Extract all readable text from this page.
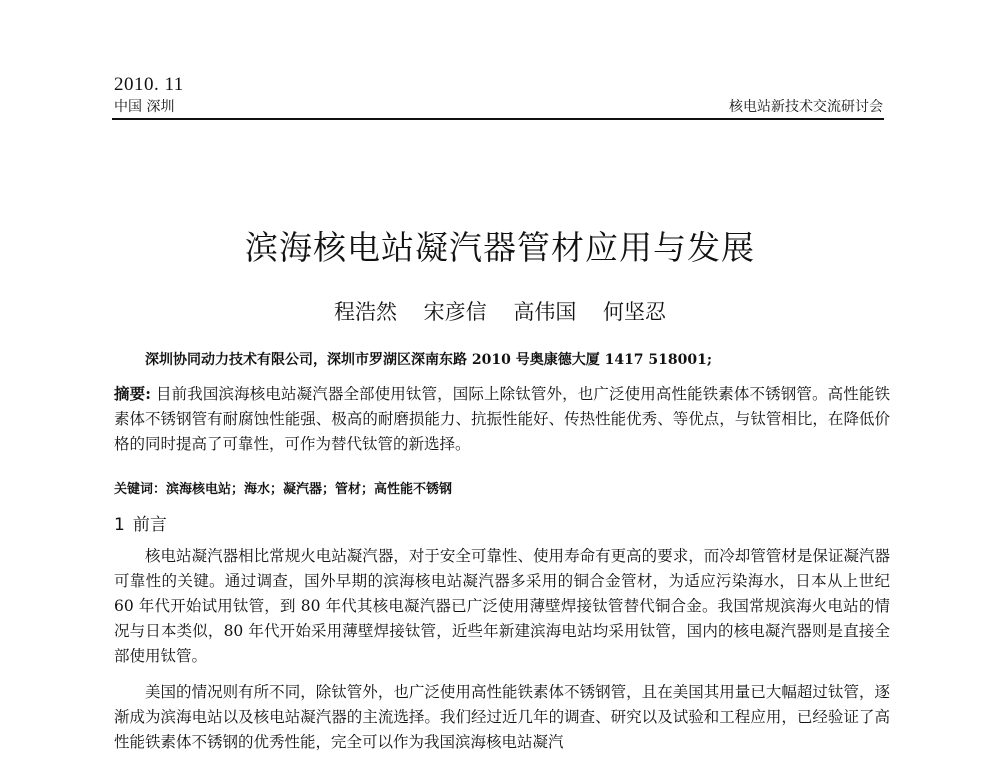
2010. 11
中国 深圳	核电站新技术交流研讨会
滨海核电站凝汽器管材应用与发展
程浩然 宋彦信 高伟国 何坚忍
深圳协同动力技术有限公司，深圳市罗湖区深南东路 2010 号奥康德大厦 1417 518001;
摘要: 目前我国滨海核电站凝汽器全部使用钛管，国际上除钛管外，也广泛使用高性能铁素体不锈钢管。高性能铁素体不锈钢管有耐腐蚀性能强、极高的耐磨损能力、抗振性能好、传热性能优秀、等优点，与钛管相比，在降低价格的同时提高了可靠性，可作为替代钛管的新选择。
关键词：滨海核电站；海水；凝汽器；管材；高性能不锈钢
1 前言
核电站凝汽器相比常规火电站凝汽器，对于安全可靠性、使用寿命有更高的要求，而冷却管管材是保证凝汽器可靠性的关键。通过调查，国外早期的滨海核电站凝汽器多采用的铜合金管材，为适应污染海水，日本从上世纪 60 年代开始试用钛管，到 80 年代其核电凝汽器已广泛使用薄壁焊接钛管替代铜合金。我国常规滨海火电站的情况与日本类似，80 年代开始采用薄壁焊接钛管，近些年新建滨海电站均采用钛管，国内的核电凝汽器则是直接全部使用钛管。
美国的情况则有所不同，除钛管外，也广泛使用高性能铁素体不锈钢管，且在美国其用量已大幅超过钛管，逐渐成为滨海电站以及核电站凝汽器的主流选择。我们经过近几年的调查、研究以及试验和工程应用，已经验证了高性能铁素体不锈钢的优秀性能，完全可以作为我国滨海核电站凝汽
